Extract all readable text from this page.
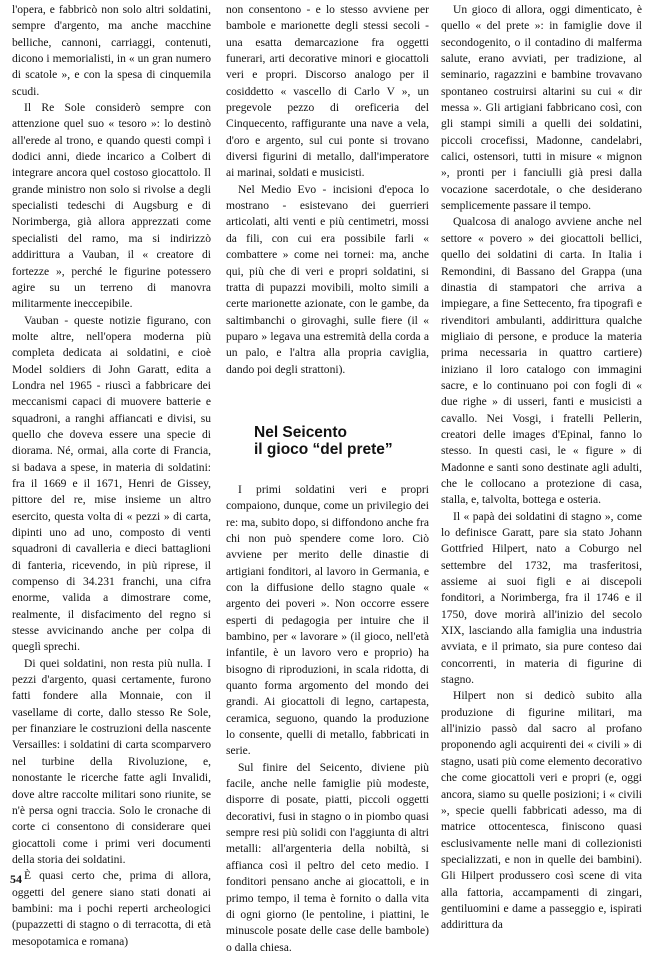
l'opera, e fabbricò non solo altri soldatini, sempre d'argento, ma anche macchine belliche, cannoni, carriaggi, contenuti, dicono i memorialisti, in « un gran numero di scatole », e con la spesa di cinquemila scudi.

Il Re Sole considerò sempre con attenzione quel suo « tesoro »: lo destinò all'erede al trono, e quando questi compì i dodici anni, diede incarico a Colbert di integrare ancora quel costoso giocattolo. Il grande ministro non solo si rivolse a degli specialisti tedeschi di Augsburg e di Norimberga, già allora apprezzati come specialisti del ramo, ma si indirizzò addirittura a Vauban, il « creatore di fortezze », perché le figurine potessero agire su un terreno di manovra militarmente ineccepibile.

Vauban - queste notizie figurano, con molte altre, nell'opera moderna più completa dedicata ai soldatini, e cioè Model soldiers di John Garatt, edita a Londra nel 1965 - riuscì a fabbricare dei meccanismi capaci di muovere batterie e squadroni, a ranghi affiancati e divisi, su quello che doveva essere una specie di diorama. Né, ormai, alla corte di Francia, si badava a spese, in materia di soldatini: fra il 1669 e il 1671, Henri de Gissey, pittore del re, mise insieme un altro esercito, questa volta di « pezzi » di carta, dipinti uno ad uno, composto di venti squadroni di cavalleria e dieci battaglioni di fanteria, ricevendo, in più riprese, il compenso di 34.231 franchi, una cifra enorme, valida a dimostrare come, realmente, il disfacimento del regno si stesse avvicinando anche per colpa di queglì sprechi.

Di quei soldatini, non resta più nulla. I pezzi d'argento, quasi certamente, furono fatti fondere alla Monnaie, con il vasellame di corte, dallo stesso Re Sole, per finanziare le costruzioni della nascente Versailles: i soldatini di carta scomparvero nel turbine della Rivoluzione, e, nonostante le ricerche fatte agli Invalidi, dove altre raccolte militari sono riunite, se n'è persa ogni traccia. Solo le cronache di corte ci consentono di considerare quei giocattoli come i primi veri documenti della storia dei soldatini.

È quasi certo che, prima di allora, oggetti del genere siano stati donati ai bambini: ma i pochi reperti archeologici (pupazzetti di stagno o di terracotta, di età mesopotamica e romana)

non consentono - e lo stesso avviene per bambole e marionette degli stessi secoli - una esatta demarcazione fra oggetti funerari, arti decorative minori e giocattoli veri e propri. Discorso analogo per il cosiddetto « vascello di Carlo V », un pregevole pezzo di oreficeria del Cinquecento, raffigurante una nave a vela, d'oro e argento, sul cui ponte si trovano diversi figurini di metallo, dall'imperatore ai marinai, soldati e musicisti.

Nel Medio Evo - incisioni d'epoca lo mostrano - esistevano dei guerrieri articolati, alti venti e più centimetri, mossi da fili, con cui era possibile farli « combattere » come nei tornei: ma, anche qui, più che di veri e propri soldatini, si tratta di pupazzi movibili, molto simili a certe marionette azionate, con le gambe, da saltimbanchi o girovaghi, sulle fiere (il « puparo » legava una estremità della corda a un palo, e l'altra alla propria caviglia, dando poi degli strattoni).

Nel Seicento
il gioco “del prete”

I primi soldatini veri e propri compaiono, dunque, come un privilegio dei re: ma, subito dopo, si diffondono anche fra chi non può spendere come loro. Ciò avviene per merito delle dinastie di artigiani fonditori, al lavoro in Germania, e con la diffusione dello stagno quale « argento dei poveri ». Non occorre essere esperti di pedagogia per intuire che il bambino, per « lavorare » (il gioco, nell'età infantile, è un lavoro vero e proprio) ha bisogno di riproduzioni, in scala ridotta, di quanto forma argomento del mondo dei grandi. Ai giocattoli di legno, cartapesta, ceramica, seguono, quando la produzione lo consente, quelli di metallo, fabbricati in serie.

Sul finire del Seicento, diviene più facile, anche nelle famiglie più modeste, disporre di posate, piatti, piccoli oggetti decorativi, fusi in stagno o in piombo quasi sempre resi più solidi con l'aggiunta di altri metalli: all'argenteria della nobiltà, si affianca così il peltro del ceto medio. I fonditori pensano anche ai giocattoli, e in primo tempo, il tema è fornito o dalla vita di ogni giorno (le pentoline, i piattini, le minuscole posate delle case delle bambole) o dalla chiesa.

Un gioco di allora, oggi dimenticato, è quello « del prete »: in famiglie dove il secondogenito, o il contadino di malferma salute, erano avviati, per tradizione, al seminario, ragazzini e bambine trovavano spontaneo costruirsi altarini su cui « dir messa ». Gli artigiani fabbricano così, con gli stampi simili a quelli dei soldatini, piccoli crocefissi, Madonne, candelabri, calici, ostensori, tutti in misure « mignon », pronti per i fanciulli già presi dalla vocazione sacerdotale, o che desiderano semplicemente passare il tempo.

Qualcosa di analogo avviene anche nel settore « povero » dei giocattoli bellici, quello dei soldatini di carta. In Italia i Remondini, di Bassano del Grappa (una dinastia di stampatori che arriva a impiegare, a fine Settecento, fra tipografi e rivenditori ambulanti, addirittura qualche migliaio di persone, e produce la materia prima necessaria in quattro cartiere) iniziano il loro catalogo con immagini sacre, e lo continuano poi con fogli di « due righe » di usseri, fanti e musicisti a cavallo. Nei Vosgi, i fratelli Pellerin, creatori delle images d'Epinal, fanno lo stesso. In questi casi, le « figure » di Madonne e santi sono destinate agli adulti, che le collocano a protezione di casa, stalla, e, talvolta, bottega e osteria.

Il « papà dei soldatini di stagno », come lo definisce Garatt, pare sia stato Johann Gottfried Hilpert, nato a Coburgo nel settembre del 1732, ma trasferitosi, assieme ai suoi figli e ai discepoli fonditori, a Norimberga, fra il 1746 e il 1750, dove morirà all'inizio del secolo XIX, lasciando alla famiglia una industria avviata, e il primato, sia pure conteso dai concorrenti, in materia di figurine di stagno.

Hilpert non si dedicò subito alla produzione di figurine militari, ma all'inizio passò dal sacro al profano proponendo agli acquirenti dei « civili » di stagno, usati più come elemento decorativo che come giocattoli veri e propri (e, oggi ancora, siamo su quelle posizioni; i « civili », specie quelli fabbricati adesso, ma di matrice ottocentesca, finiscono quasi esclusivamente nelle mani di collezionisti specializzati, e non in quelle dei bambini). Gli Hilpert produssero così scene di vita alla fattoria, accampamenti di zingari, gentiluomini e dame a passeggio e, ispirati addirittura da

54
